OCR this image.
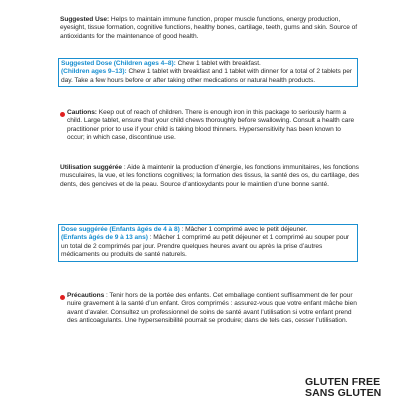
Suggested Use: Helps to maintain immune function, proper muscle functions, energy production, eyesight, tissue formation, cognitive functions, healthy bones, cartilage, teeth, gums and skin. Source of antioxidants for the maintenance of good health.

Suggested Dose (Children ages 4–8): Chew 1 tablet with breakfast.

(Children ages 9–13): Chew 1 tablet with breakfast and 1 tablet with dinner for a total of 2 tablets per day. Take a few hours before or after taking other medications or natural health products.

Cautions: Keep out of reach of children. There is enough iron in this package to seriously harm a child. Large tablet, ensure that your child chews thoroughly before swallowing. Consult a health care practitioner prior to use if your child is taking blood thinners. Hypersensitivity has been known to occur; in which case, discontinue use.

Utilisation suggérée : Aide à maintenir la production d’énergie, les fonctions immunitaires, les fonctions musculaires, la vue, et les fonctions cognitives; la formation des tissus, la santé des os, du cartilage, des dents, des gencives et de la peau. Source d’antioxydants pour le maintien d’une bonne santé.

Dose suggérée (Enfants âgés de 4 à 8) : Mâcher 1 comprimé avec le petit déjeuner.

(Enfants âgés de 9 à 13 ans) : Mâcher 1 comprimé au petit déjeuner et 1 comprimé au souper pour un total de 2 comprimés par jour. Prendre quelques heures avant ou après la prise d’autres médicaments ou produits de santé naturels.

Précautions : Tenir hors de la portée des enfants. Cet emballage contient suffisamment de fer pour nuire gravement à la santé d’un enfant. Gros comprimés : assurez-vous que votre enfant mâche bien avant d’avaler. Consultez un professionnel de soins de santé avant l’utilisation si votre enfant prend des anticoagulants. Une hypersensibilité pourrait se produire; dans de tels cas, cesser l’utilisation.

GLUTEN FREE
SANS GLUTEN
